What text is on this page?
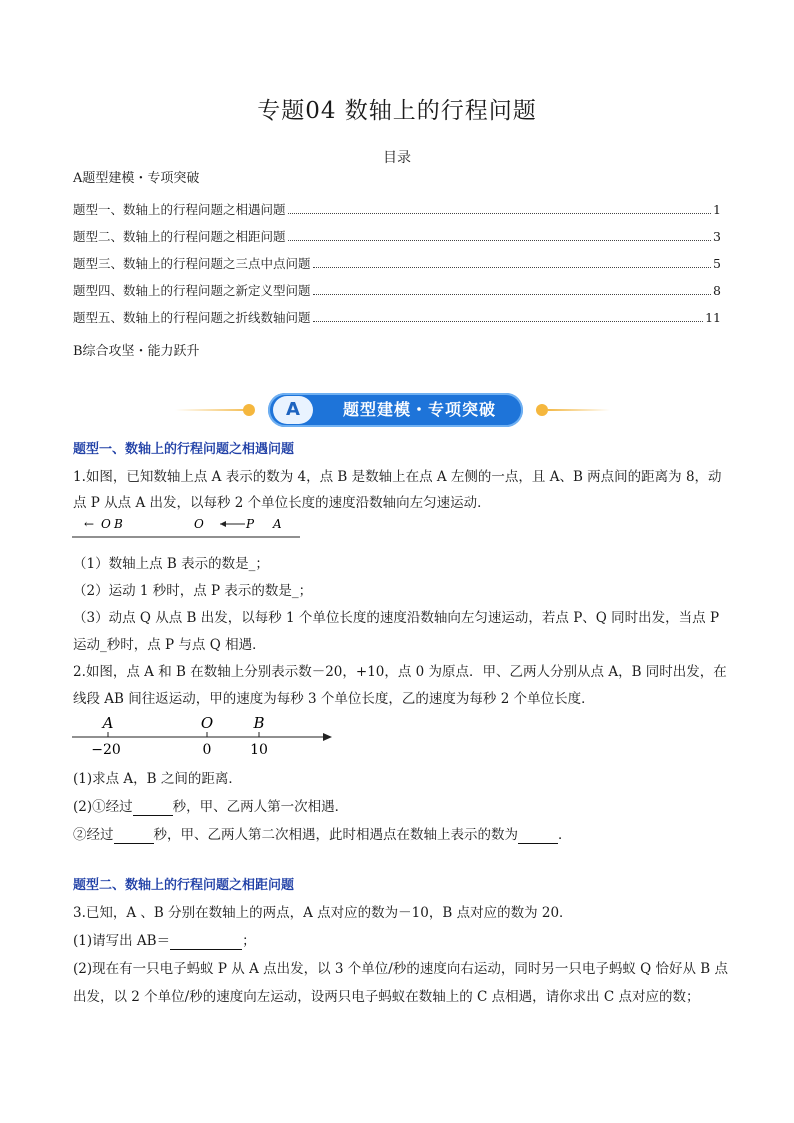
专题04 数轴上的行程问题
目录
A题型建模・专项突破
题型一、数轴上的行程问题之相遇问题	1
题型二、数轴上的行程问题之相距问题	3
题型三、数轴上的行程问题之三点中点问题	5
题型四、数轴上的行程问题之新定义型问题	8
题型五、数轴上的行程问题之折线数轴问题	11
B综合攻坚・能力跃升
A	题型建模・专项突破
题型一、数轴上的行程问题之相遇问题
1.如图，已知数轴上点 A 表示的数为 4，点 B 是数轴上在点 A 左侧的一点，且 A、B 两点间的距离为 8，动
点 P 从点 A 出发，以每秒 2 个单位长度的速度沿数轴向左匀速运动．
← O B	O	P A
（1）数轴上点 B 表示的数是_；
（2）运动 1 秒时，点 P 表示的数是_；
（3）动点 Q 从点 B 出发，以每秒 1 个单位长度的速度沿数轴向左匀速运动，若点 P、Q 同时出发，当点 P
运动_秒时，点 P 与点 Q 相遇．
2.如图，点 A 和 B 在数轴上分别表示数－20，+10，点 0 为原点．甲、乙两人分别从点 A，B 同时出发，在
线段 AB 间往返运动，甲的速度为每秒 3 个单位长度，乙的速度为每秒 2 个单位长度．
A	O	B
−20	0	10
(1)求点 A，B 之间的距离．
(2)①经过	秒，甲、乙两人第一次相遇．
②经过	秒，甲、乙两人第二次相遇，此时相遇点在数轴上表示的数为	．
题型二、数轴上的行程问题之相距问题
3.已知，A 、B 分别在数轴上的两点，A 点对应的数为－10，B 点对应的数为 20．
(1)请写出 AB＝	；
(2)现在有一只电子蚂蚁 P 从 A 点出发，以 3 个单位/秒的速度向右运动，同时另一只电子蚂蚁 Q 恰好从 B 点
出发，以 2 个单位/秒的速度向左运动，设两只电子蚂蚁在数轴上的 C 点相遇，请你求出 C 点对应的数；
